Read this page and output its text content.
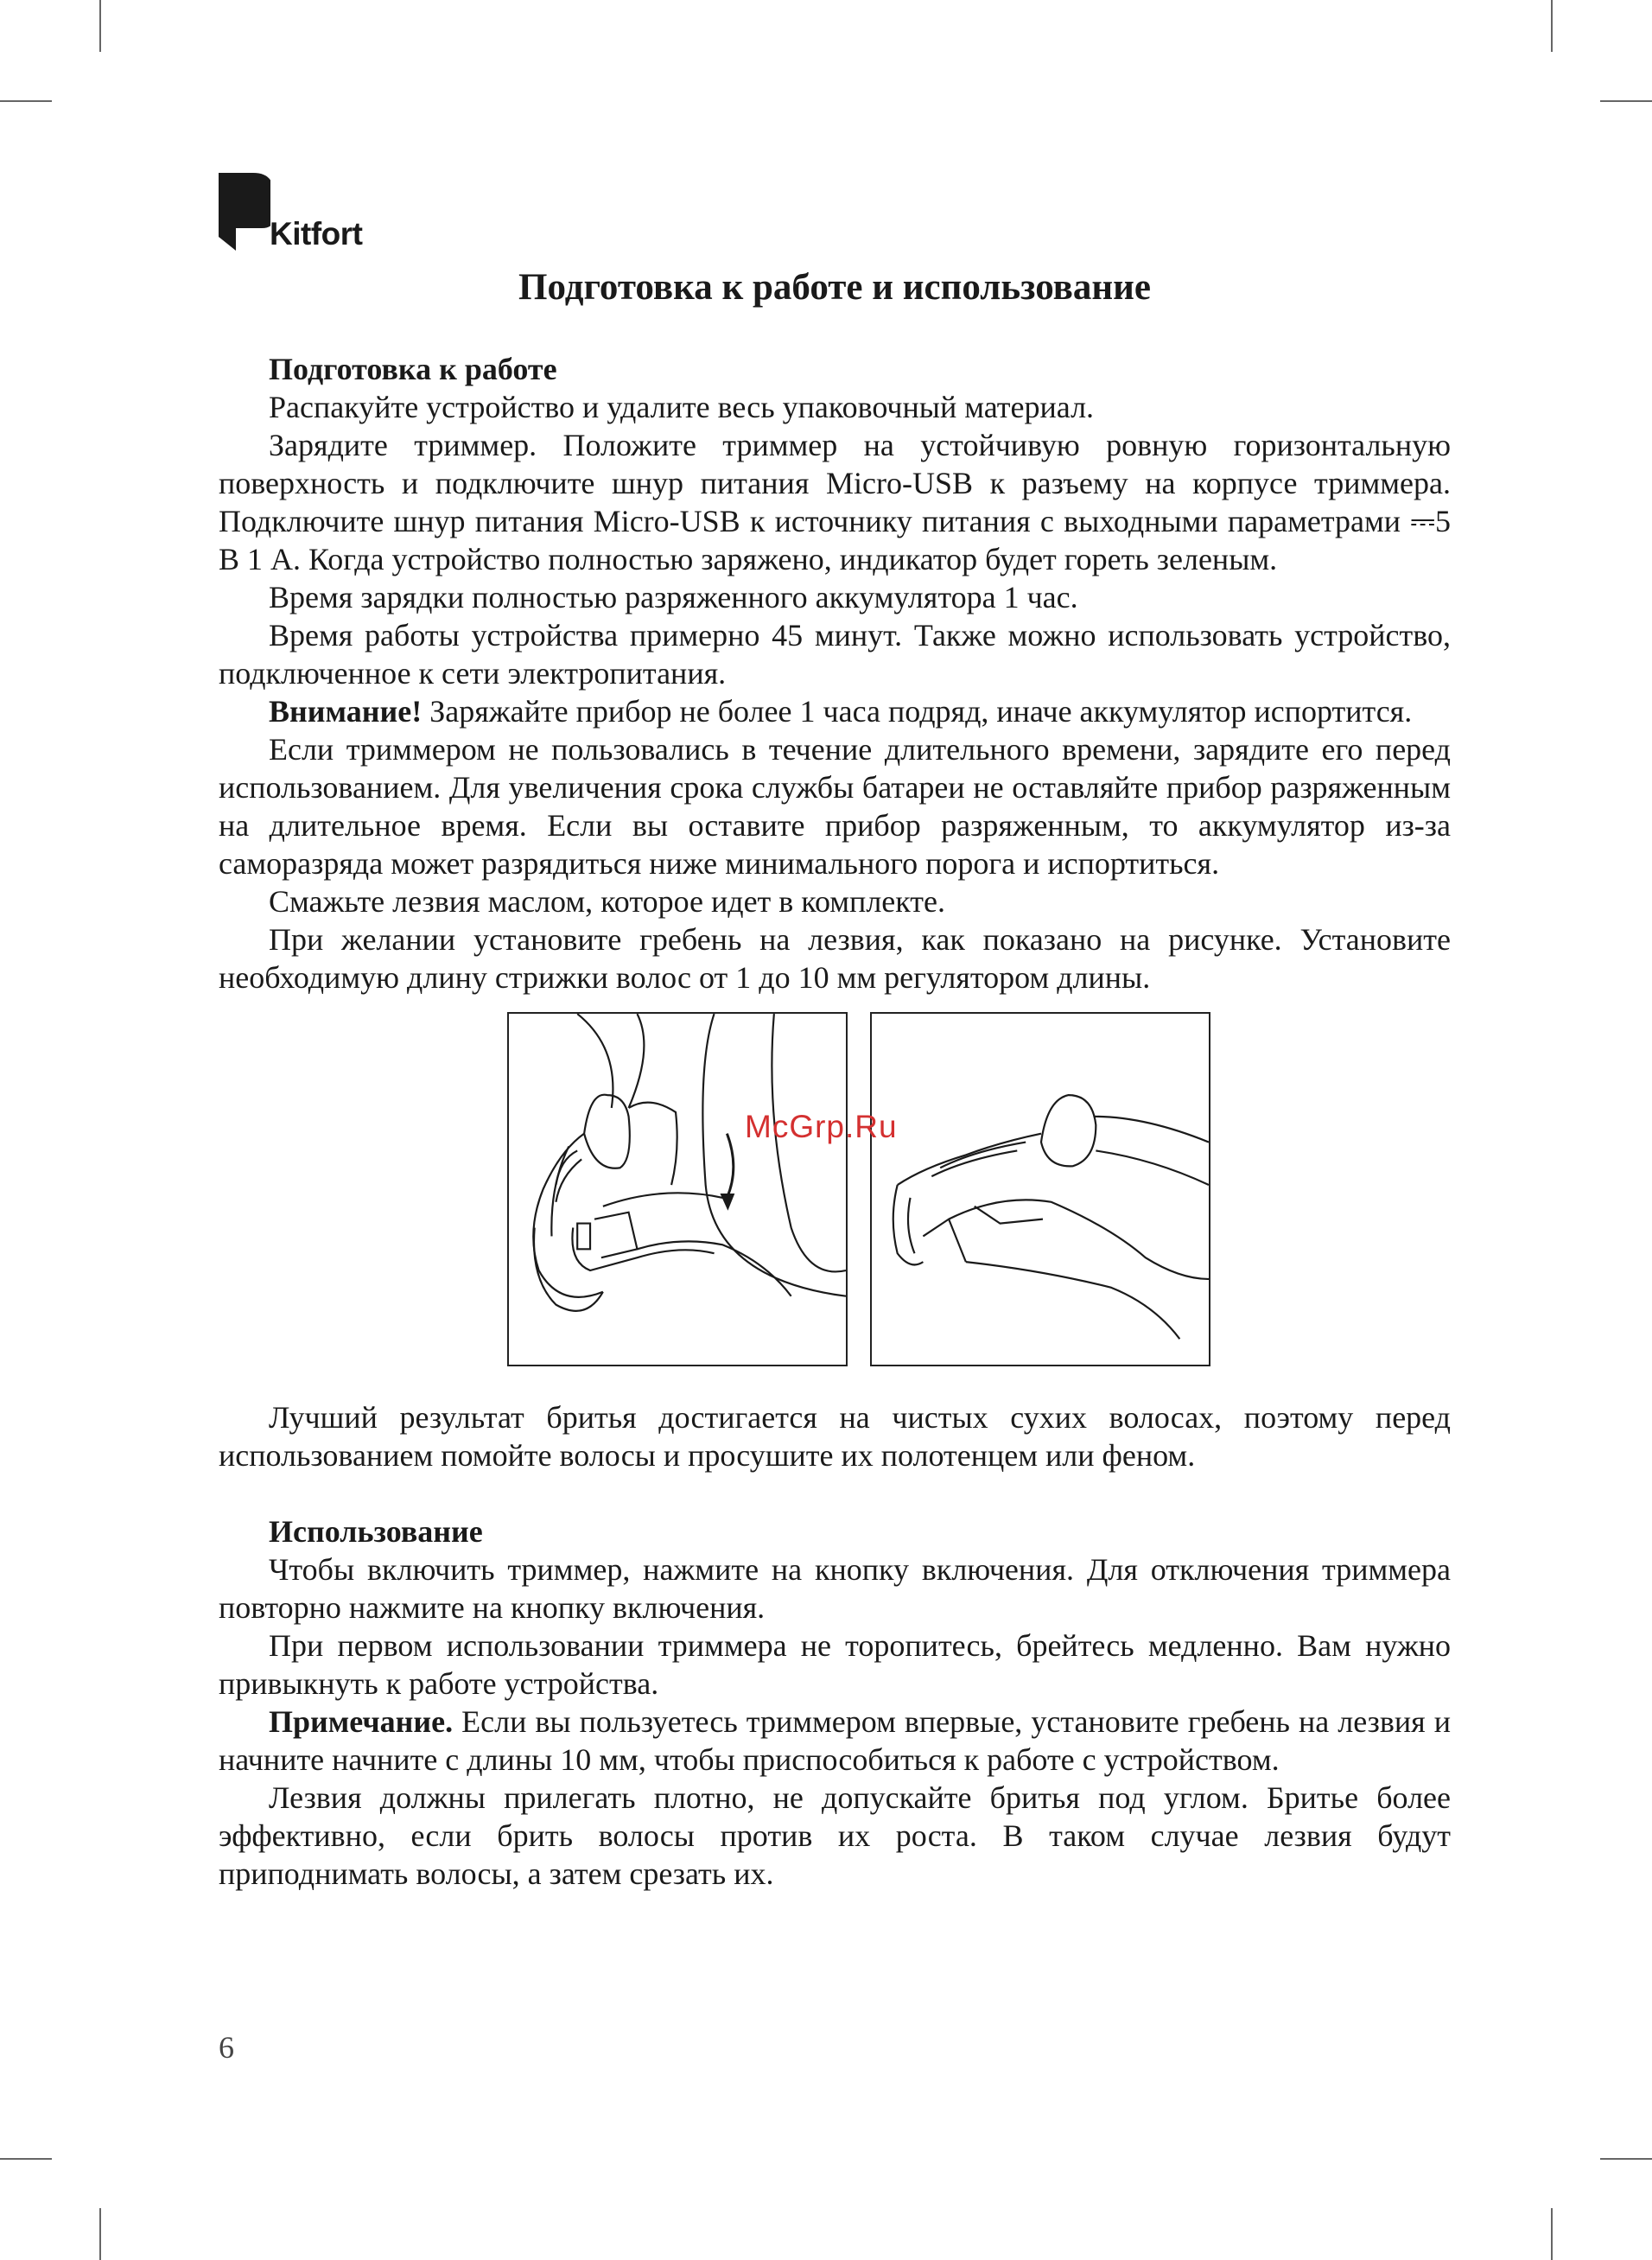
Kitfort
Подготовка к работе и использование
Подготовка к работе

Распакуйте устройство и удалите весь упаковочный материал.

Зарядите триммер. Положите триммер на устойчивую ровную горизонтальную поверхность и подключите шнур питания Micro-USB к разъему на корпусе триммера. Подключите шнур питания Micro-USB к источнику питания с выходными параметрами ⎓5 В 1 А. Когда устройство полностью заряжено, индикатор будет гореть зеленым.

Время зарядки полностью разряженного аккумулятора 1 час.

Время работы устройства примерно 45 минут. Также можно использовать устройство, подключенное к сети электропитания.

Внимание! Заряжайте прибор не более 1 часа подряд, иначе аккумулятор испортится.

Если триммером не пользовались в течение длительного времени, зарядите его перед использованием. Для увеличения срока службы батареи не оставляйте прибор разряженным на длительное время. Если вы оставите прибор разряженным, то аккумулятор из-за саморазряда может разрядиться ниже минимального порога и испортиться.

Смажьте лезвия маслом, которое идет в комплекте.

При желании установите гребень на лезвия, как показано на рисунке. Установите необходимую длину стрижки волос от 1 до 10 мм регулятором длины.

Лучший результат бритья достигается на чистых сухих волосах, поэтому перед использованием помойте волосы и просушите их полотенцем или феном.

Использование

Чтобы включить триммер, нажмите на кнопку включения. Для отключения триммера повторно нажмите на кнопку включения.

При первом использовании триммера не торопитесь, брейтесь медленно. Вам нужно привыкнуть к работе устройства.

Примечание. Если вы пользуетесь триммером впервые, установите гребень на лезвия и начните начните с длины 10 мм, чтобы приспособиться к работе с устройством.

Лезвия должны прилегать плотно, не допускайте бритья под углом. Бритье более эффективно, если брить волосы против их роста. В таком случае лезвия будут приподнимать волосы, а затем срезать их.

McGrp.Ru
6
